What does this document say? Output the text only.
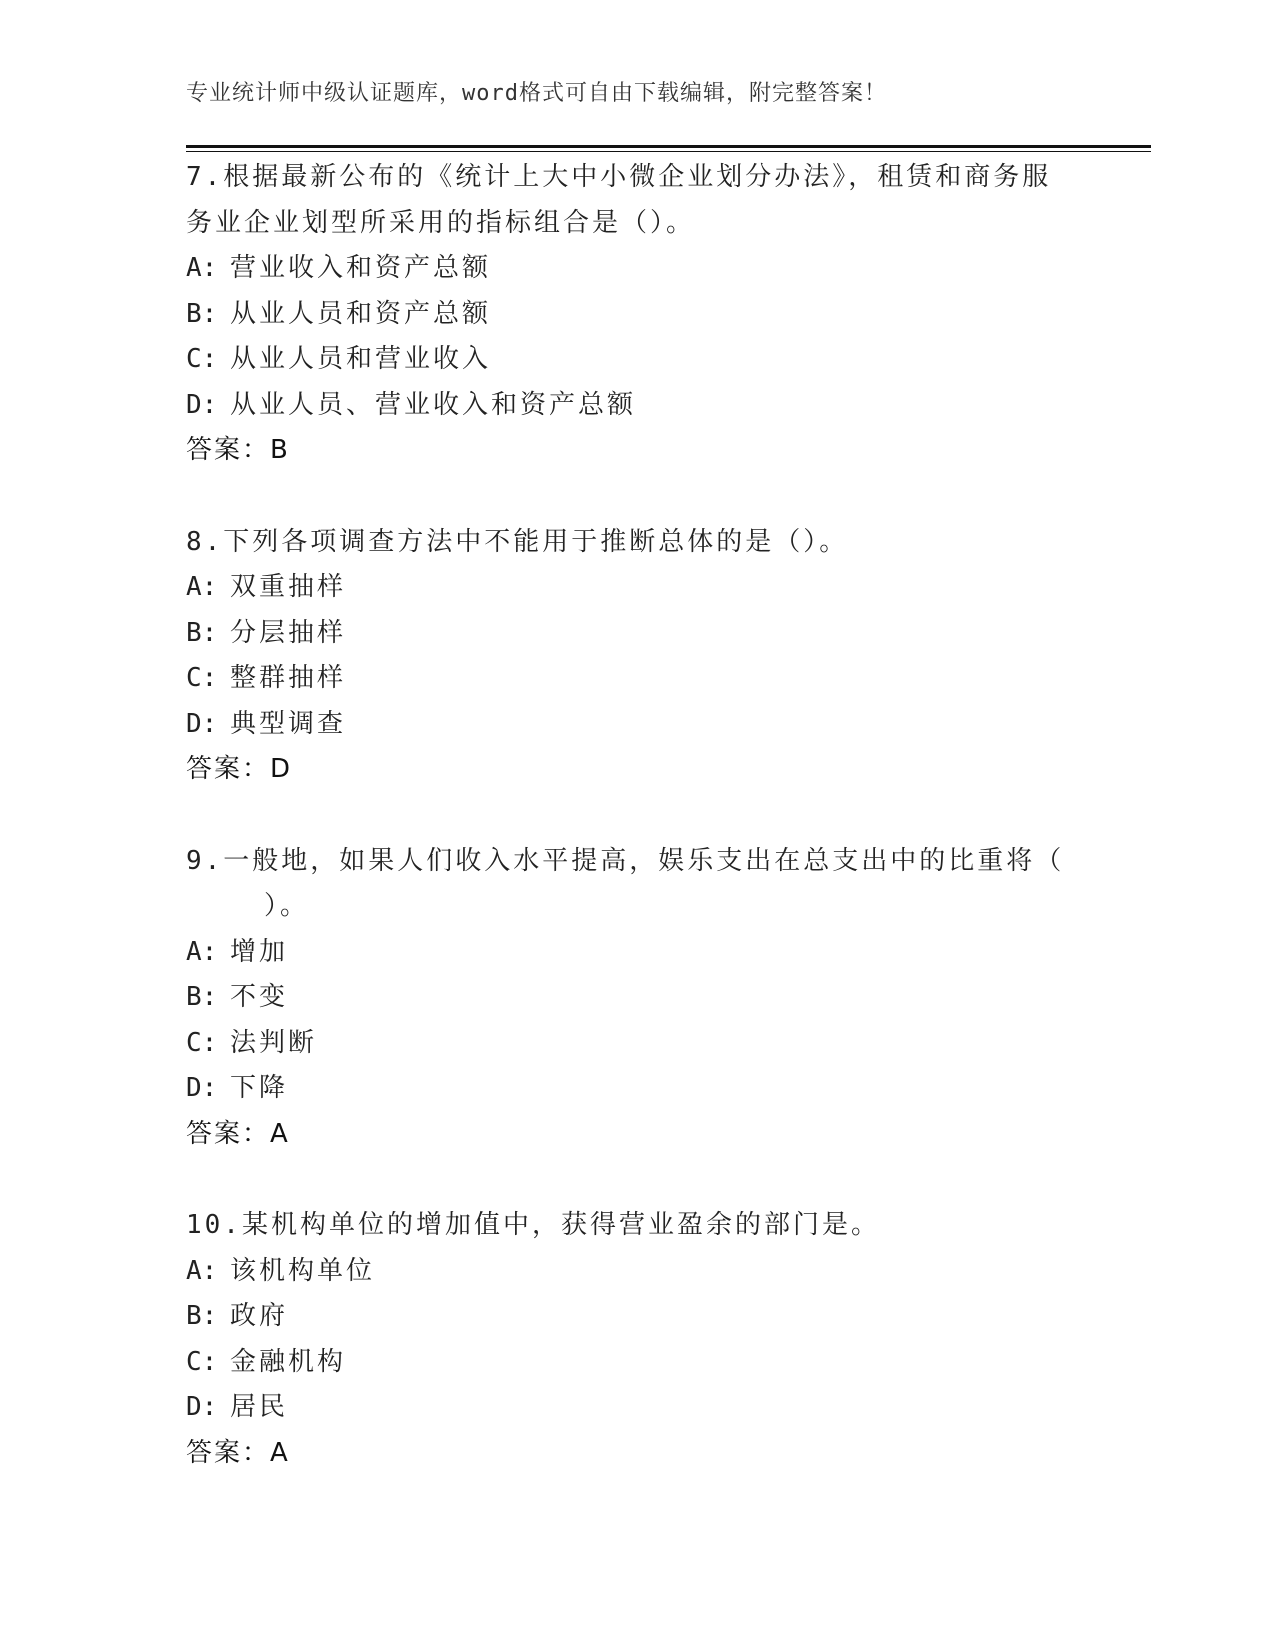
专业统计师中级认证题库，word格式可自由下载编辑，附完整答案！
7.根据最新公布的《统计上大中小微企业划分办法》，租赁和商务服
务业企业划型所采用的指标组合是（）。
A: 营业收入和资产总额
B: 从业人员和资产总额
C: 从业人员和营业收入
D: 从业人员、营业收入和资产总额
答案：B
8.下列各项调查方法中不能用于推断总体的是（）。
A: 双重抽样
B: 分层抽样
C: 整群抽样
D: 典型调查
答案：D
9.一般地，如果人们收入水平提高，娱乐支出在总支出中的比重将（
）。
A: 增加
B: 不变
C: 法判断
D: 下降
答案：A
10.某机构单位的增加值中，获得营业盈余的部门是。
A: 该机构单位
B: 政府
C: 金融机构
D: 居民
答案：A
